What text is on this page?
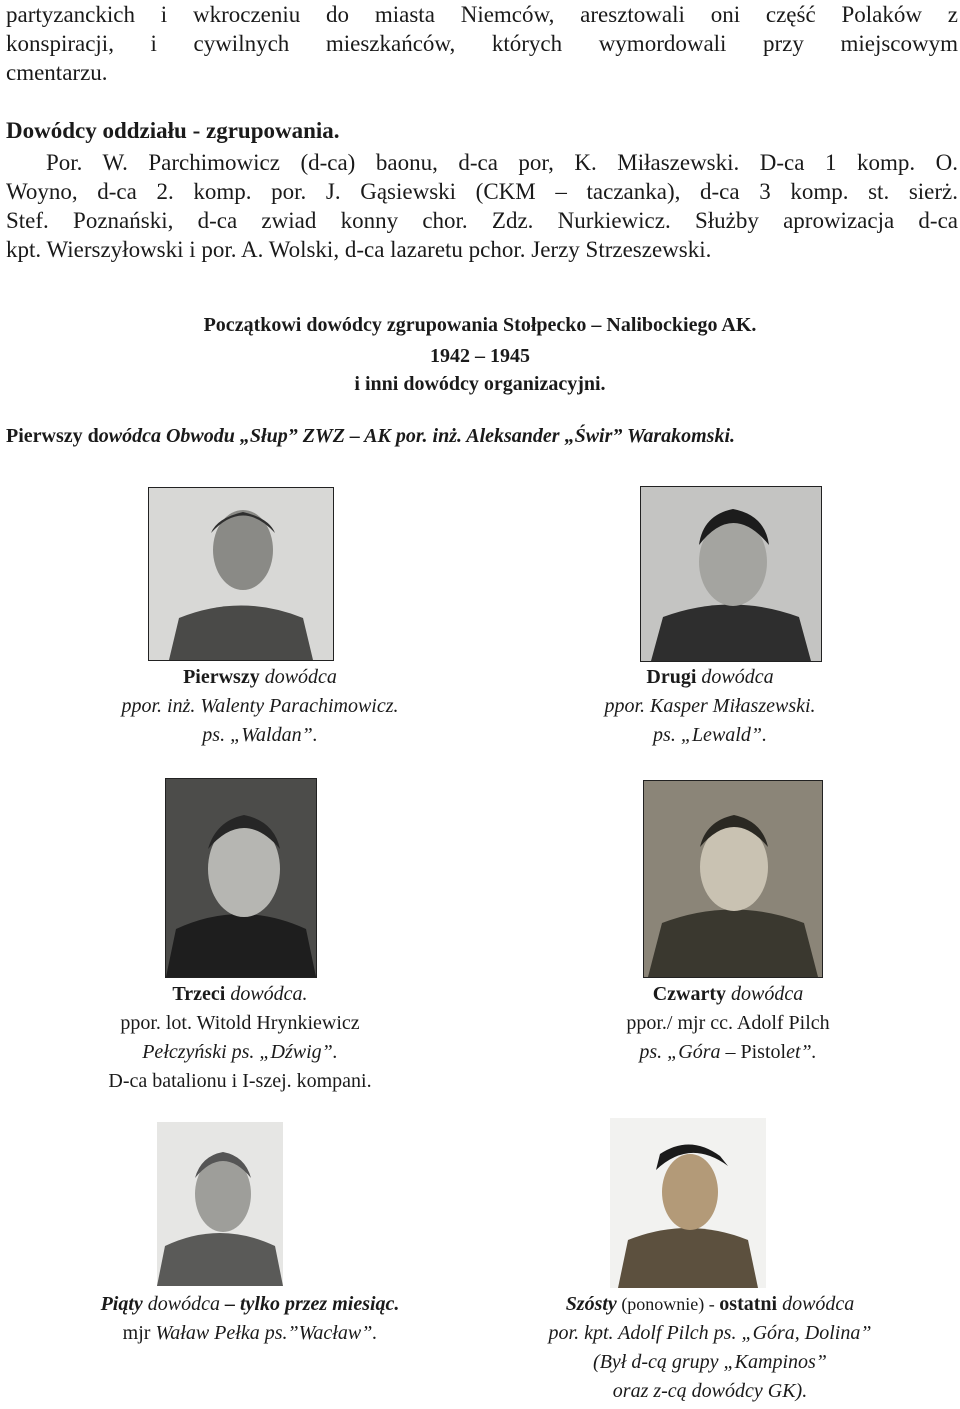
partyzanckich i wkroczeniu do miasta Niemców, aresztowali oni część Polaków z
konspiracji, i cywilnych mieszkańców, których wymordowali przy miejscowym
cmentarzu.
Dowódcy oddziału - zgrupowania.
Por. W. Parchimowicz (d-ca) baonu, d-ca por, K. Miłaszewski. D-ca 1 komp. O.
Woyno, d-ca 2. komp. por. J. Gąsiewski (CKM – taczanka), d-ca 3 komp. st. sierż.
Stef. Poznański, d-ca zwiad konny chor. Zdz. Nurkiewicz. Służby aprowizacja d-ca
kpt. Wierszyłowski i por. A. Wolski, d-ca lazaretu pchor. Jerzy Strzeszewski.
Początkowi dowódcy zgrupowania Stołpecko – Nalibockiego AK.
1942 – 1945
i inni dowódcy organizacyjni.
Pierwszy dowódca Obwodu „Słup” ZWZ – AK por. inż. Aleksander „Świr” Warakomski.
Pierwszy dowódca
ppor. inż. Walenty Parachimowicz.
ps. „Waldan”.
Drugi dowódca
ppor. Kasper Miłaszewski.
ps. „Lewald”.
Trzeci dowódca.
ppor. lot. Witold Hrynkiewicz
Pełczyński ps. „Dźwig”.
D-ca batalionu i I-szej. kompani.
Czwarty dowódca
ppor./ mjr cc. Adolf Pilch
ps. „Góra – Pistolet”.
Piąty dowódca – tylko przez miesiąc.
mjr Waław Pełka ps.”Wacław”.
Szósty (ponownie) - ostatni dowódca
por. kpt. Adolf Pilch ps. „Góra, Dolina”
(Był d-cą grupy „Kampinos”
oraz z-cą dowódcy GK).
